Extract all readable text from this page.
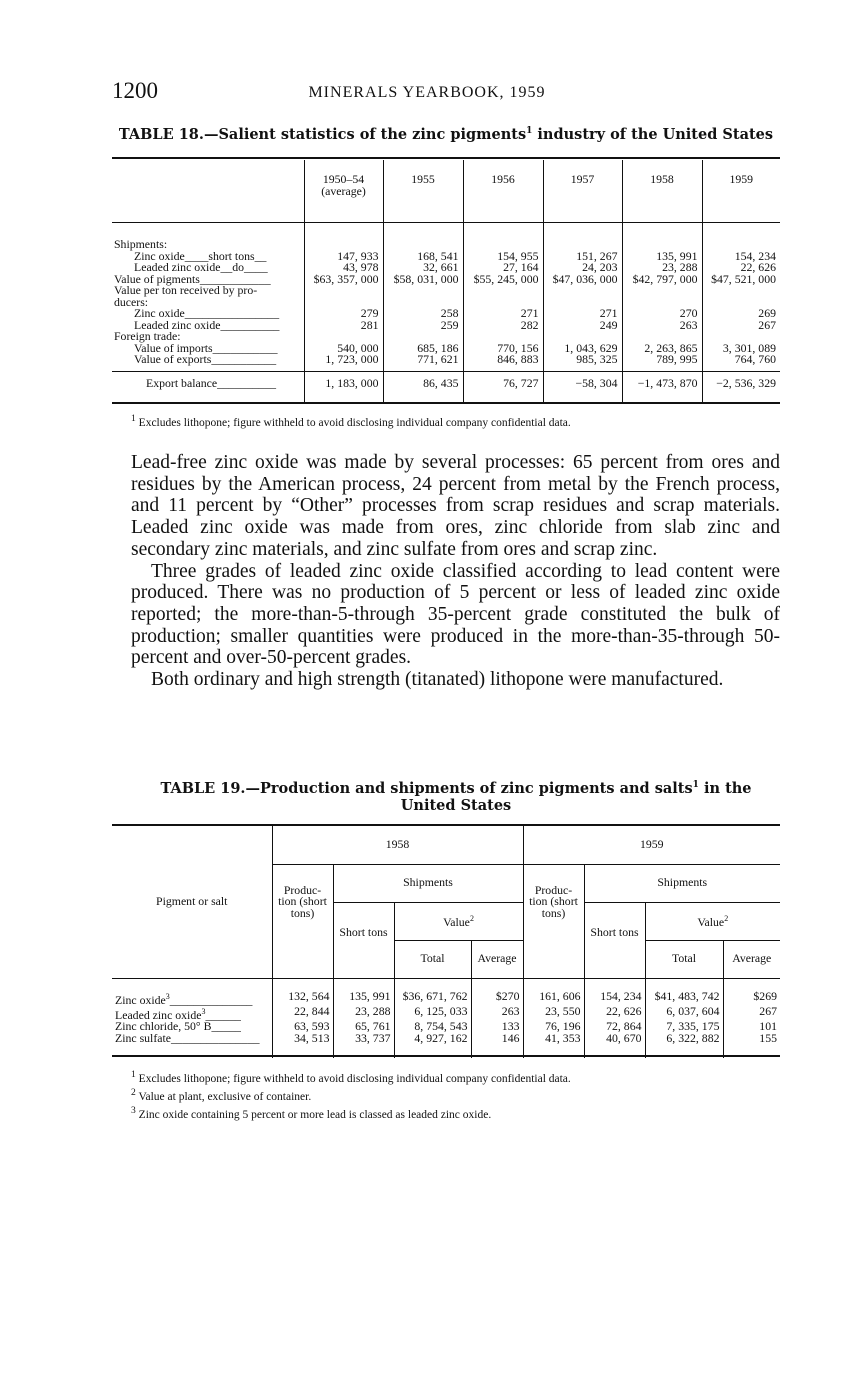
1200	MINERALS YEARBOOK, 1959
TABLE 18.—Salient statistics of the zinc pigments$^1$ industry of the United States
	1950–54 (average)	1955	1956	1957	1958	1959
Shipments:						
Zinc oxide____short tons__	147, 933	168, 541	154, 955	151, 267	135, 991	154, 234
Leaded zinc oxide__do____	43, 978	32, 661	27, 164	24, 203	23, 288	22, 626
Value of pigments____________	$63, 357, 000	$58, 031, 000	$55, 245, 000	$47, 036, 000	$42, 797, 000	$47, 521, 000
Value per ton received by pro-						
ducers:						
Zinc oxide________________	279	258	271	271	270	269
Leaded zinc oxide__________	281	259	282	249	263	267
Foreign trade:						
Value of imports___________	540, 000	685, 186	770, 156	1, 043, 629	2, 263, 865	3, 301, 089
Value of exports___________	1, 723, 000	771, 621	846, 883	985, 325	789, 995	764, 760

Export balance__________	1, 183, 000	86, 435	76, 727	−58, 304	−1, 473, 870	−2, 536, 329

$^1$ Excludes lithopone; figure withheld to avoid disclosing individual company confidential data.

Lead-free zinc oxide was made by several processes: 65 percent from ores and residues by the American process, 24 percent from metal by the French process, and 11 percent by “Other” processes from scrap residues and scrap materials. Leaded zinc oxide was made from ores, zinc chloride from slab zinc and secondary zinc materials, and zinc sulfate from ores and scrap zinc.

Three grades of leaded zinc oxide classified according to lead content were produced. There was no production of 5 percent or less of leaded zinc oxide reported; the more-than-5-through 35-percent grade constituted the bulk of production; smaller quantities were produced in the more-than-35-through 50-percent and over-50-percent grades.

Both ordinary and high strength (titanated) lithopone were manufactured.

TABLE 19.—Production and shipments of zinc pigments and salts$^1$ in the
United States
Pigment or salt	1958				1959			
	Produc- tion (short tons)	Shipments			Produc- tion (short tons)	Shipments		
		Short tons	Value$^2$			Short tons	Value$^2$
			Total	Average			Total	Average
Zinc oxide$^3$______________	132, 564	135, 991	$36, 671, 762	$270	161, 606	154, 234	$41, 483, 742	$269
Leaded zinc oxide$^3$______	22, 844	23, 288	6, 125, 033	263	23, 550	22, 626	6, 037, 604	267
Zinc chloride, 50° B_____	63, 593	65, 761	8, 754, 543	133	76, 196	72, 864	7, 335, 175	101
Zinc sulfate_______________	34, 513	33, 737	4, 927, 162	146	41, 353	40, 670	6, 322, 882	155

$^1$ Excludes lithopone; figure withheld to avoid disclosing individual company confidential data.
$^2$ Value at plant, exclusive of container.
$^3$ Zinc oxide containing 5 percent or more lead is classed as leaded zinc oxide.
